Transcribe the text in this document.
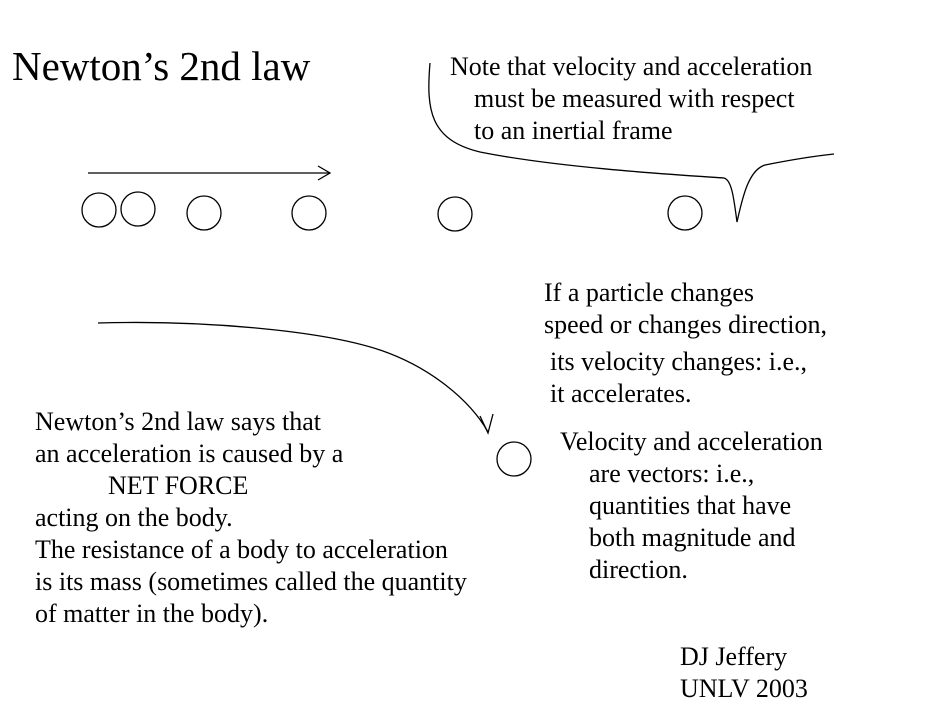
Newton’s 2nd law	Note that velocity and acceleration
must be measured with respect
to an inertial frame
If a particle changes
speed or changes direction,
its velocity changes: i.e.,
it accelerates.
Newton’s 2nd law says that
an acceleration is caused by a
NET FORCE
acting on the body.
The resistance of a body to acceleration
is its mass (sometimes called the quantity
of matter in the body).
Velocity and acceleration
are vectors: i.e.,
quantities that have
both magnitude and
direction.
DJ Jeffery
UNLV 2003
